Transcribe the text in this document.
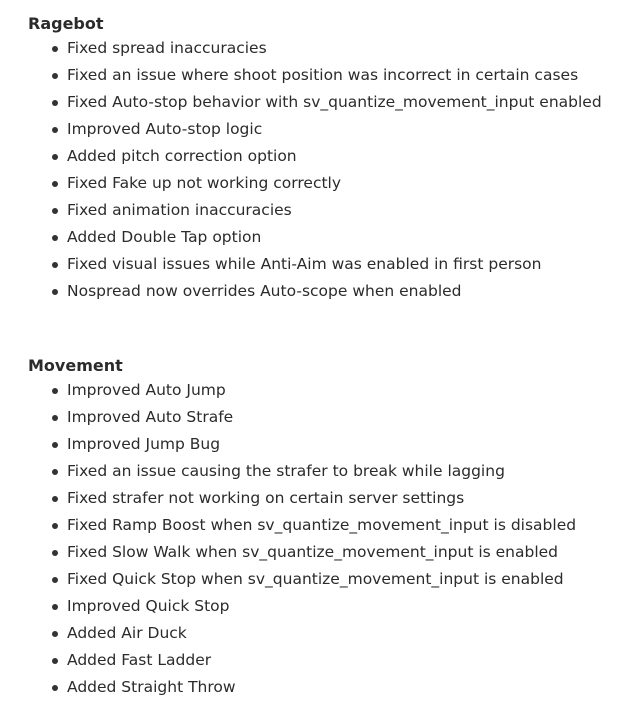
Ragebot
Fixed spread inaccuracies
Fixed an issue where shoot position was incorrect in certain cases
Fixed Auto-stop behavior with sv_quantize_movement_input enabled
Improved Auto-stop logic
Added pitch correction option
Fixed Fake up not working correctly
Fixed animation inaccuracies
Added Double Tap option
Fixed visual issues while Anti-Aim was enabled in first person
Nospread now overrides Auto-scope when enabled
Movement
Improved Auto Jump
Improved Auto Strafe
Improved Jump Bug
Fixed an issue causing the strafer to break while lagging
Fixed strafer not working on certain server settings
Fixed Ramp Boost when sv_quantize_movement_input is disabled
Fixed Slow Walk when sv_quantize_movement_input is enabled
Fixed Quick Stop when sv_quantize_movement_input is enabled
Improved Quick Stop
Added Air Duck
Added Fast Ladder
Added Straight Throw
